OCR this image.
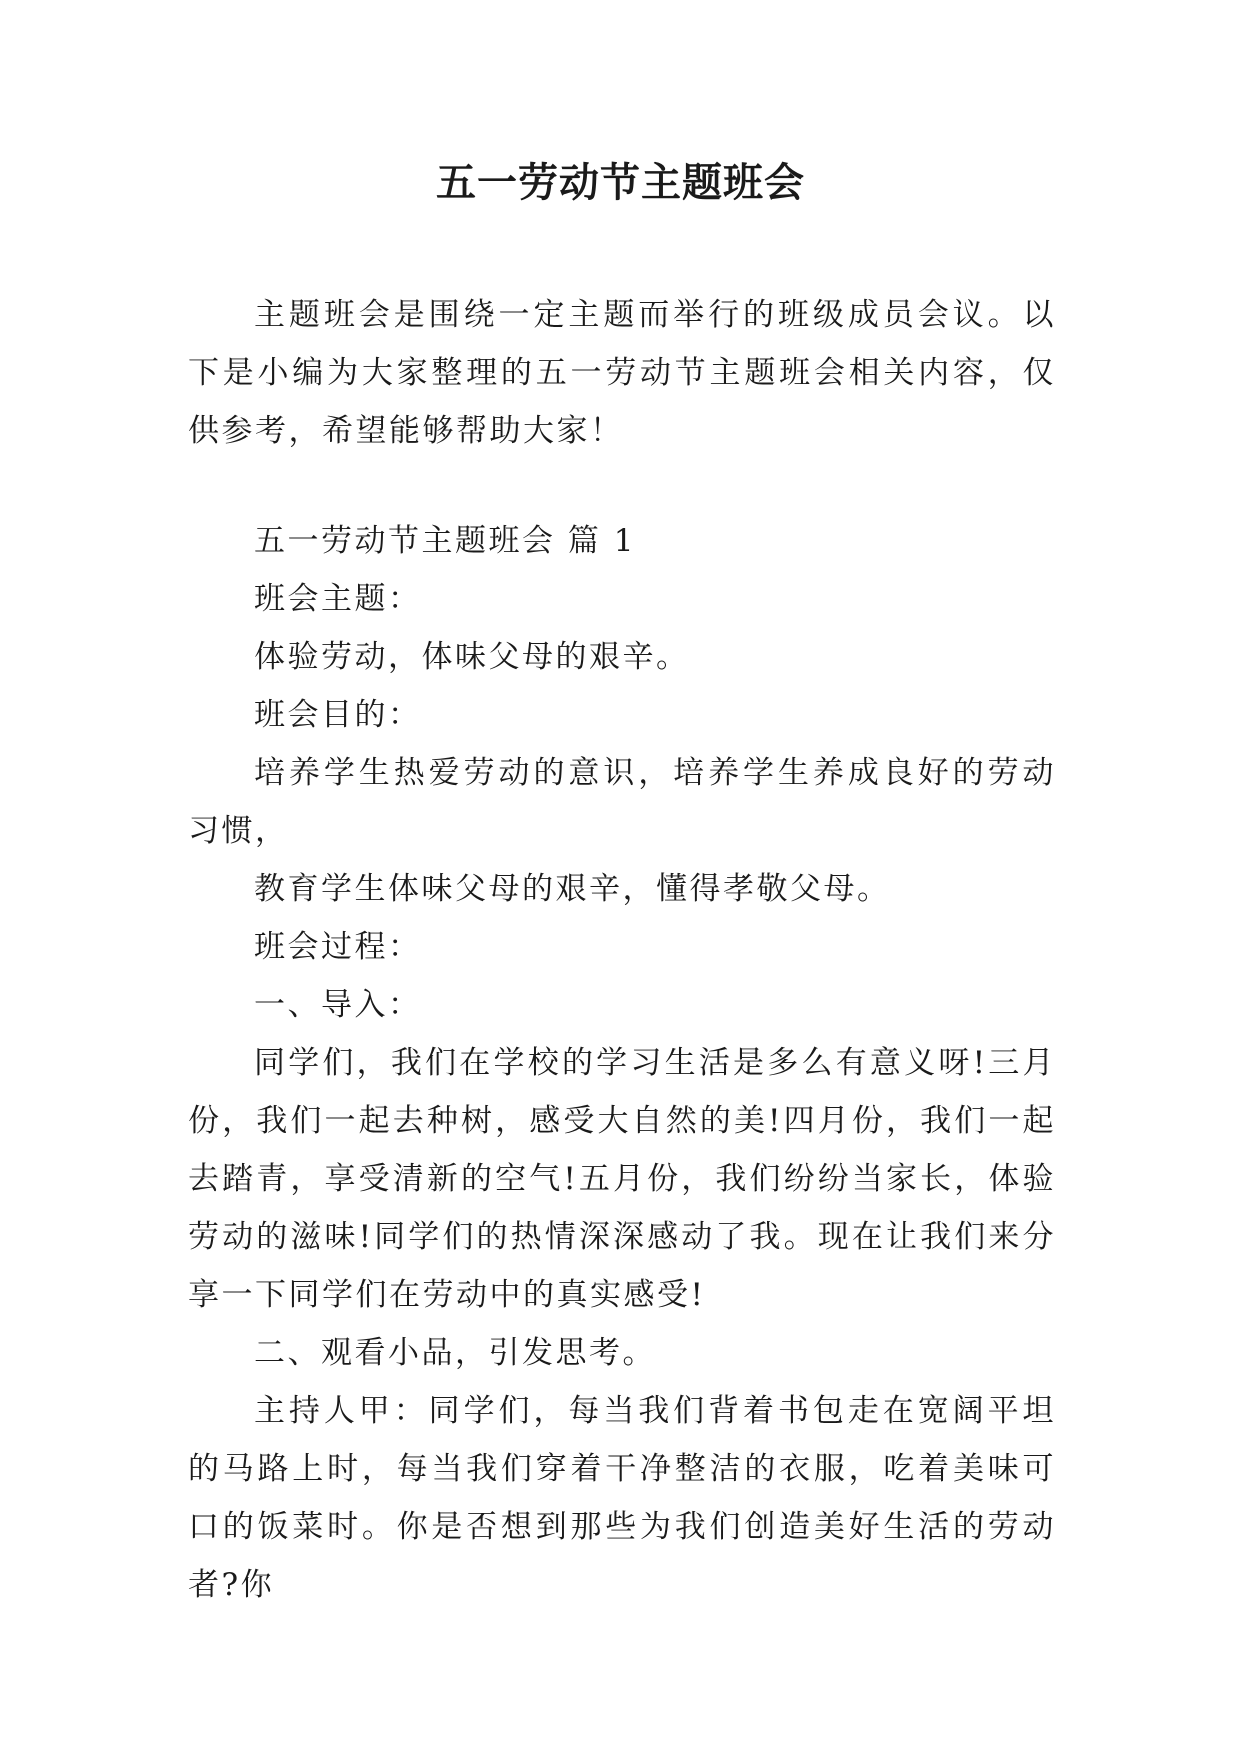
五一劳动节主题班会

主题班会是围绕一定主题而举行的班级成员会议。以下是小编为大家整理的五一劳动节主题班会相关内容，仅供参考，希望能够帮助大家！

五一劳动节主题班会 篇 1

班会主题：

体验劳动，体味父母的艰辛。

班会目的：

培养学生热爱劳动的意识，培养学生养成良好的劳动习惯，

教育学生体味父母的艰辛，懂得孝敬父母。

班会过程：

一、导入：

同学们，我们在学校的学习生活是多么有意义呀!三月份，我们一起去种树，感受大自然的美!四月份，我们一起去踏青，享受清新的空气!五月份，我们纷纷当家长，体验劳动的滋味!同学们的热情深深感动了我。现在让我们来分享一下同学们在劳动中的真实感受!

二、观看小品，引发思考。

主持人甲：同学们，每当我们背着书包走在宽阔平坦的马路上时，每当我们穿着干净整洁的衣服，吃着美味可口的饭菜时。你是否想到那些为我们创造美好生活的劳动者?你
